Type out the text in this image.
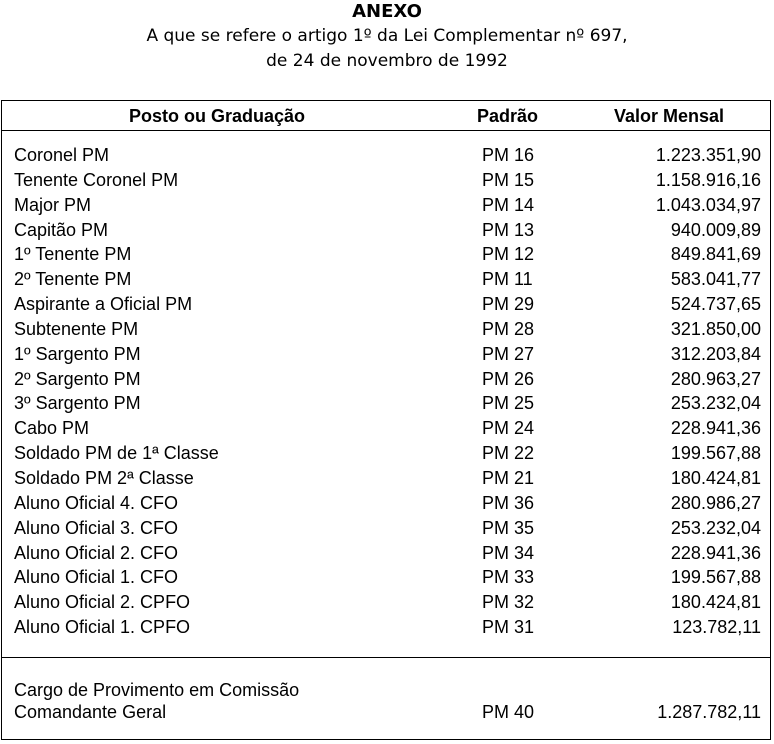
ANEXO
A que se refere o artigo 1º da Lei Complementar nº 697,
de 24 de novembro de 1992
Posto ou Graduação	Padrão	Valor Mensal
Coronel PM	PM 16	1.223.351,90
Tenente Coronel PM	PM 15	1.158.916,16
Major PM	PM 14	1.043.034,97
Capitão PM	PM 13	940.009,89
1º Tenente PM	PM 12	849.841,69
2º Tenente PM	PM 11	583.041,77
Aspirante a Oficial PM	PM 29	524.737,65
Subtenente PM	PM 28	321.850,00
1º Sargento PM	PM 27	312.203,84
2º Sargento PM	PM 26	280.963,27
3º Sargento PM	PM 25	253.232,04
Cabo PM	PM 24	228.941,36
Soldado PM de 1ª Classe	PM 22	199.567,88
Soldado PM 2ª Classe	PM 21	180.424,81
Aluno Oficial 4. CFO	PM 36	280.986,27
Aluno Oficial 3. CFO	PM 35	253.232,04
Aluno Oficial 2. CFO	PM 34	228.941,36
Aluno Oficial 1. CFO	PM 33	199.567,88
Aluno Oficial 2. CPFO	PM 32	180.424,81
Aluno Oficial 1. CPFO	PM 31	123.782,11
Cargo de Provimento em Comissão
Comandante Geral	PM 40	1.287.782,11
